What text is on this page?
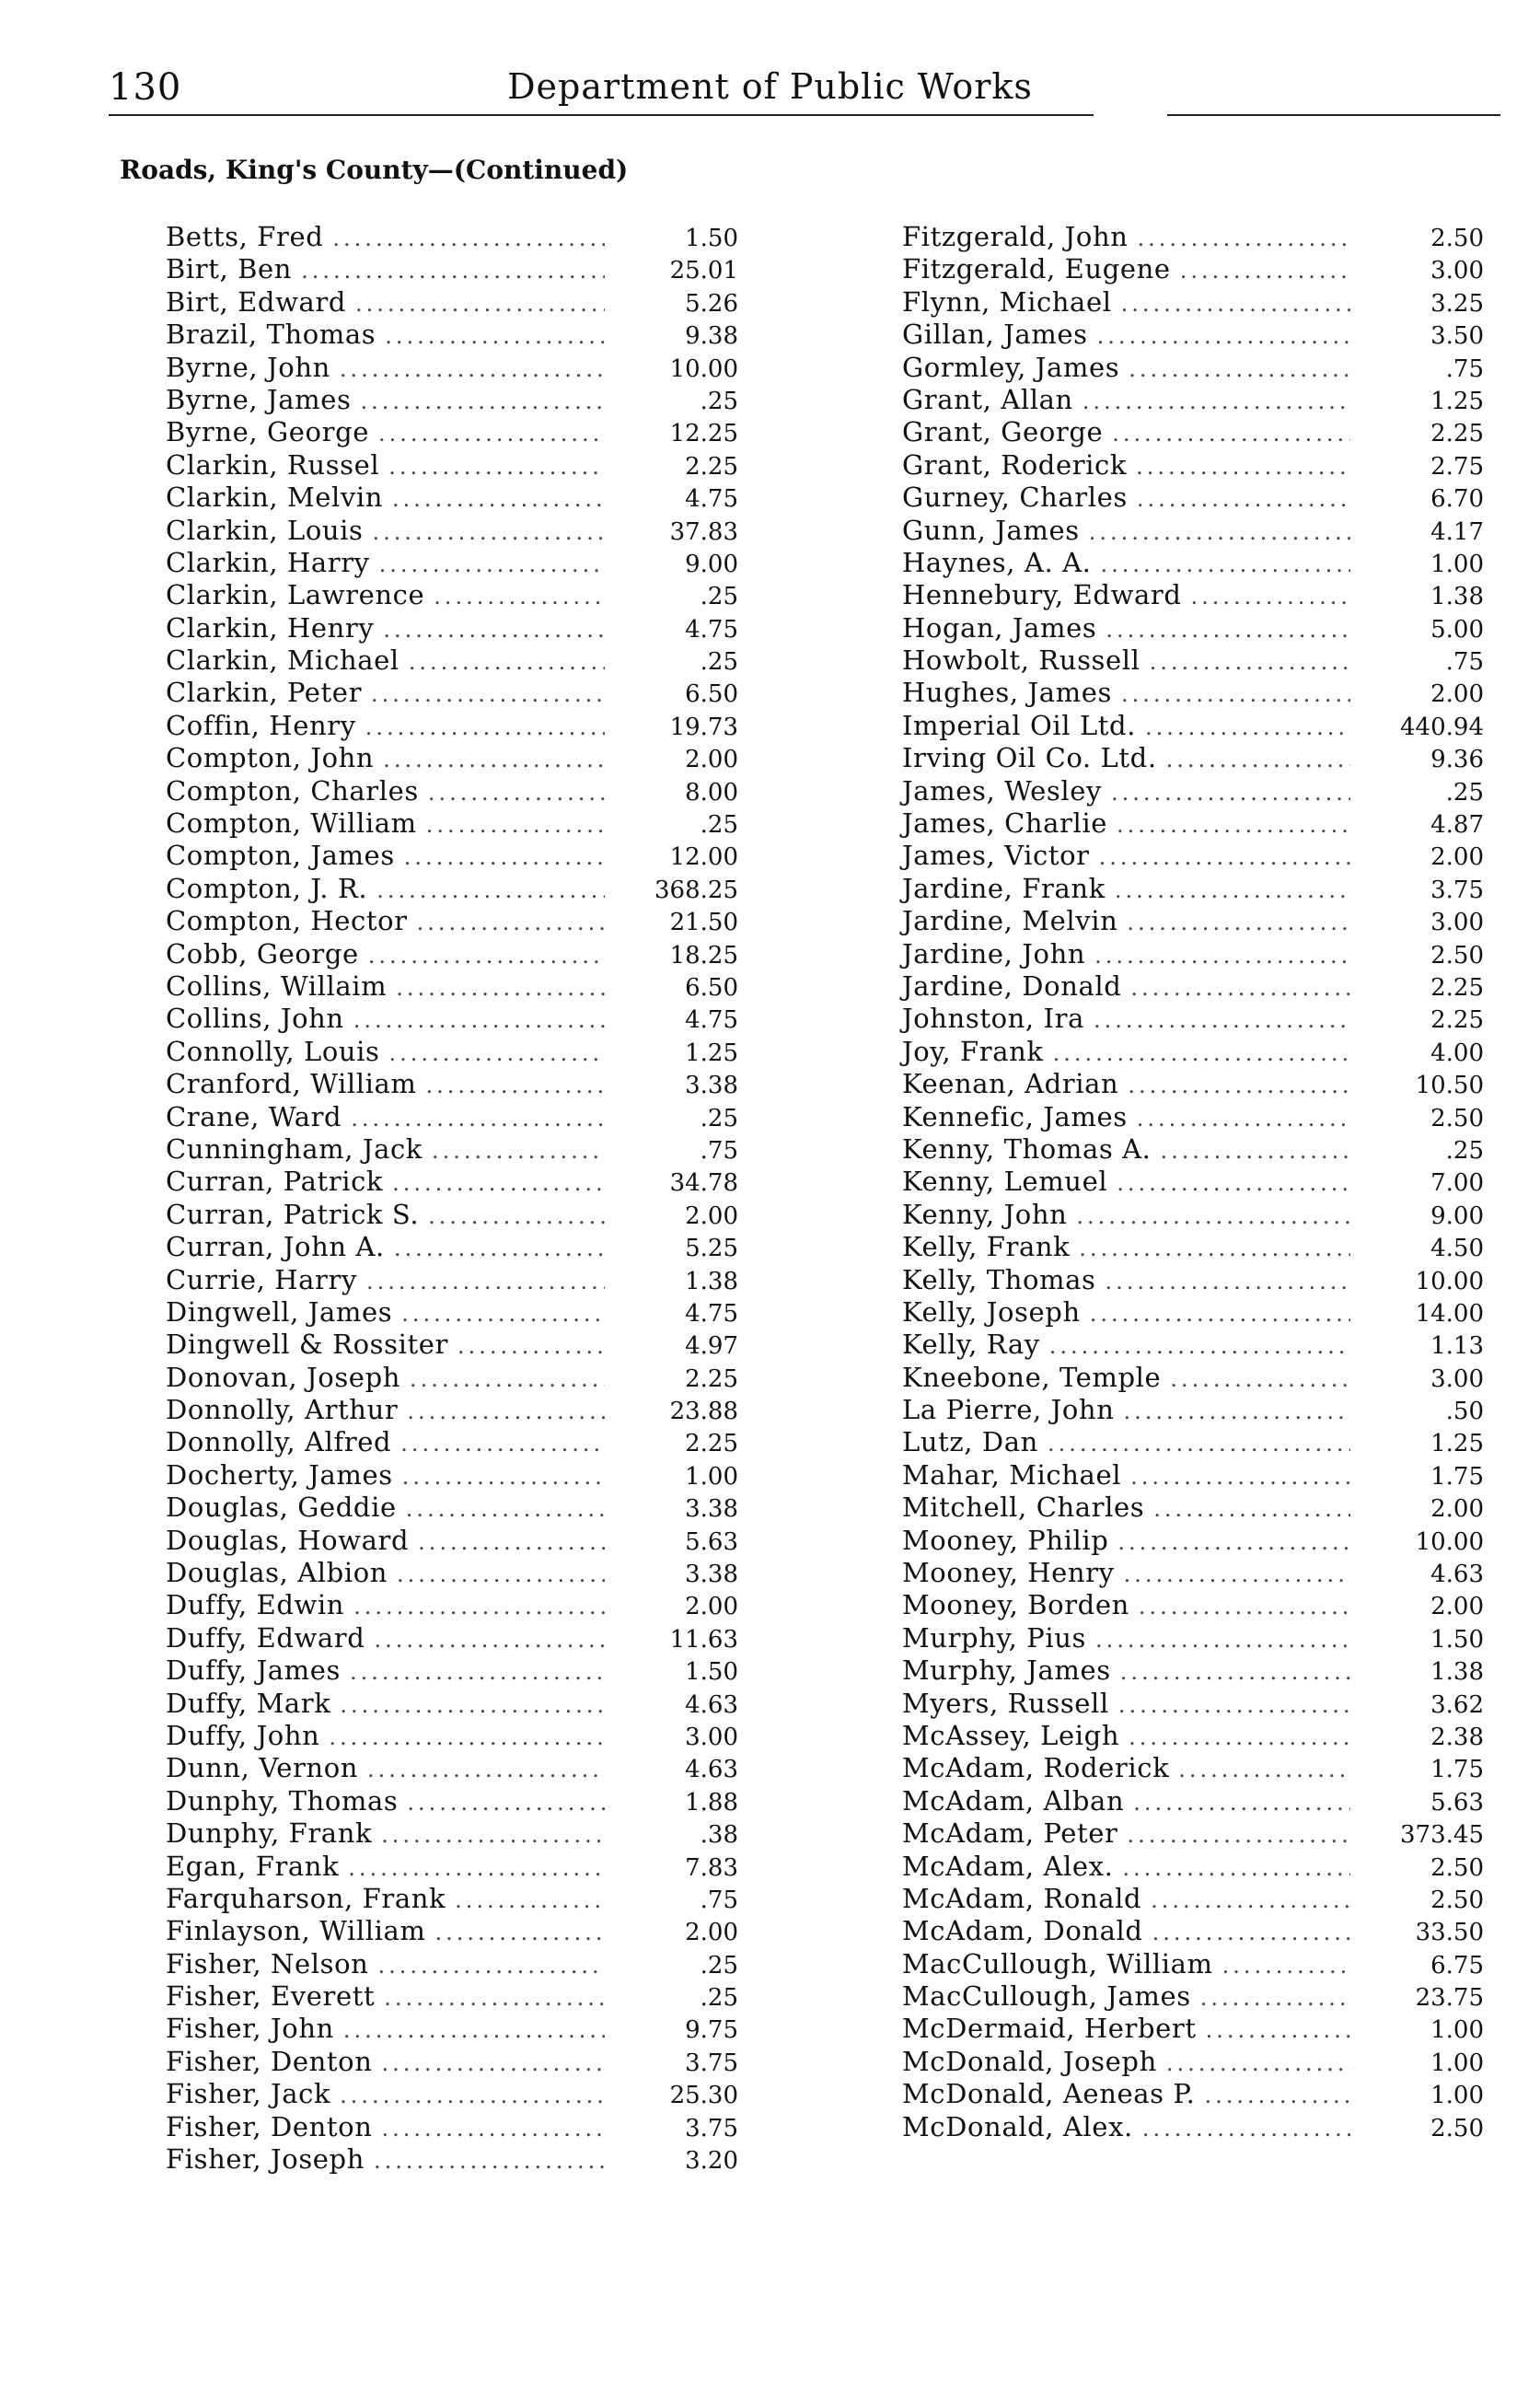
130	Department of Public Works
Roads, King's County—(Continued)
Betts, Fred .....	1.50
Birt, Ben .....	25.01
Birt, Edward .....	5.26
Brazil, Thomas .....	9.38
Byrne, John .....	10.00
Byrne, James .....	.25
Byrne, George .....	12.25
Clarkin, Russel .....	2.25
Clarkin, Melvin .....	4.75
Clarkin, Louis .....	37.83
Clarkin, Harry .....	9.00
Clarkin, Lawrence .....	.25
Clarkin, Henry .....	4.75
Clarkin, Michael .....	.25
Clarkin, Peter .....	6.50
Coffin, Henry .....	19.73
Compton, John .....	2.00
Compton, Charles .....	8.00
Compton, William .....	.25
Compton, James .....	12.00
Compton, J. R. .....	368.25
Compton, Hector .....	21.50
Cobb, George .....	18.25
Collins, Willaim .....	6.50
Collins, John .....	4.75
Connolly, Louis .....	1.25
Cranford, William .....	3.38
Crane, Ward .....	.25
Cunningham, Jack .....	.75
Curran, Patrick .....	34.78
Curran, Patrick S. .....	2.00
Curran, John A. .....	5.25
Currie, Harry .....	1.38
Dingwell, James .....	4.75
Dingwell & Rossiter .....	4.97
Donovan, Joseph .....	2.25
Donnolly, Arthur .....	23.88
Donnolly, Alfred .....	2.25
Docherty, James .....	1.00
Douglas, Geddie .....	3.38
Douglas, Howard .....	5.63
Douglas, Albion .....	3.38
Duffy, Edwin .....	2.00
Duffy, Edward .....	11.63
Duffy, James .....	1.50
Duffy, Mark .....	4.63
Duffy, John .....	3.00
Dunn, Vernon .....	4.63
Dunphy, Thomas .....	1.88
Dunphy, Frank .....	.38
Egan, Frank .....	7.83
Farquharson, Frank .....	.75
Finlayson, William .....	2.00
Fisher, Nelson .....	.25
Fisher, Everett .....	.25
Fisher, John .....	9.75
Fisher, Denton .....	3.75
Fisher, Jack .....	25.30
Fisher, Denton .....	3.75
Fisher, Joseph .....	3.20
Fitzgerald, John .....	2.50
Fitzgerald, Eugene .....	3.00
Flynn, Michael .....	3.25
Gillan, James .....	3.50
Gormley, James .....	.75
Grant, Allan .....	1.25
Grant, George .....	2.25
Grant, Roderick .....	2.75
Gurney, Charles .....	6.70
Gunn, James .....	4.17
Haynes, A. A. .....	1.00
Hennebury, Edward .....	1.38
Hogan, James .....	5.00
Howbolt, Russell .....	.75
Hughes, James .....	2.00
Imperial Oil Ltd. .....	440.94
Irving Oil Co. Ltd. .....	9.36
James, Wesley .....	.25
James, Charlie .....	4.87
James, Victor .....	2.00
Jardine, Frank .....	3.75
Jardine, Melvin .....	3.00
Jardine, John .....	2.50
Jardine, Donald .....	2.25
Johnston, Ira .....	2.25
Joy, Frank .....	4.00
Keenan, Adrian .....	10.50
Kennefic, James .....	2.50
Kenny, Thomas A. .....	.25
Kenny, Lemuel .....	7.00
Kenny, John .....	9.00
Kelly, Frank .....	4.50
Kelly, Thomas .....	10.00
Kelly, Joseph .....	14.00
Kelly, Ray .....	1.13
Kneebone, Temple .....	3.00
La Pierre, John .....	.50
Lutz, Dan .....	1.25
Mahar, Michael .....	1.75
Mitchell, Charles .....	2.00
Mooney, Philip .....	10.00
Mooney, Henry .....	4.63
Mooney, Borden .....	2.00
Murphy, Pius .....	1.50
Murphy, James .....	1.38
Myers, Russell .....	3.62
McAssey, Leigh .....	2.38
McAdam, Roderick .....	1.75
McAdam, Alban .....	5.63
McAdam, Peter .....	373.45
McAdam, Alex. .....	2.50
McAdam, Ronald .....	2.50
McAdam, Donald .....	33.50
MacCullough, William .....	6.75
MacCullough, James .....	23.75
McDermaid, Herbert .....	1.00
McDonald, Joseph .....	1.00
McDonald, Aeneas P. .....	1.00
McDonald, Alex. .....	2.50
